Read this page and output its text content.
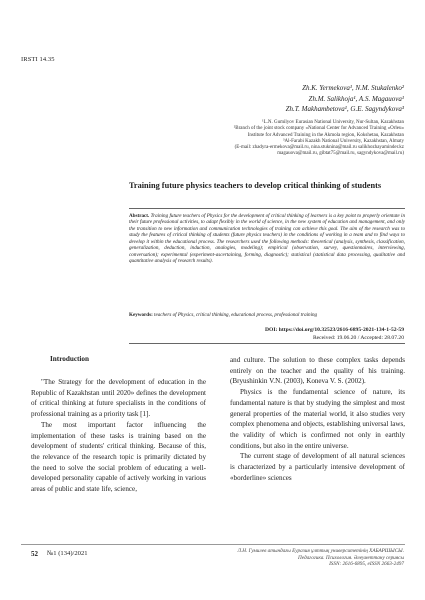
IRSTI 14.35
Zh.K. Yermekova¹, N.M. Stukalenko²
Zh.M. Salikhoja¹, A.S. Magauova¹
Zh.T. Makhambetova¹, G.E. Sagyndykova³
¹L.N. Gumilyov Eurasian National University, Nur-Sultan, Kazakhstan
²Branch of the joint stock company «National Center for Advanced Training «Orleu»
Institute for Advanced Training in the Akmola region, Kokshetau, Kazakhstan
³Al-Farabi Kazakh National University, Kazakhstan, Almaty
(E-mail: zhadyra-ermekova@mail.ru, nina.stuknina@mail.ru salikhozhayaminder.kz
magauova@mail.ru, gibtat75@mail.ru, sagyndykova@mail.ru)
Training future physics teachers to develop critical thinking of students
Abstract. Training future teachers of Physics for the development of critical thinking of learners is a key point to properly orientate in their future professional activities, to adapt flexibly in the world of science, in the new system of education and management, and only the transition to new information and communication technologies of training can achieve this goal. The aim of the research was to study the features of critical thinking of students (future physics teachers) in the conditions of working in a team and to find ways to develop it within the educational process. The researchers used the following methods: theoretical (analysis, synthesis, classification, generalization, deduction, induction, analogies, modeling); empirical (observation, survey, questionnaires, interviewing, conversation); experimental (experiment-ascertaining, forming, diagnostic); statistical (statistical data processing, qualitative and quantitative analysis of research results).
Keywords: teachers of Physics, critical thinking, educational process, professional training
DOI: https://doi.org/10.32523/2616-6895-2021-134-1-52-59
Received: 19.06.20 / Accepted: 28.07.20
Introduction

"The Strategy for the development of education in the Republic of Kazakhstan until 2020» defines the development of critical thinking at future specialists in the conditions of professional training as a priority task [1].

The most important factor influencing the implementation of these tasks is training based on the development of students' critical thinking. Because of this, the relevance of the research topic is primarily dictated by the need to solve the social problem of educating a well-developed personality capable of actively working in various areas of public and state life, science,

and culture. The solution to these complex tasks depends entirely on the teacher and the quality of his training. (Bryushinkin V.N. (2003), Koneva V. S. (2002).

Physics is the fundamental science of nature, its fundamental nature is that by studying the simplest and most general properties of the material world, it also studies very complex phenomena and objects, establishing universal laws, the validity of which is confirmed not only in earthly conditions, but also in the entire universe.

The current stage of development of all natural sciences is characterized by a particularly intensive development of «borderline» sciences

52 №1 (134)/2021	Л.Н. Гумилев атындағы Еуразия ұлттық университетінің ХАБАРШЫСЫ.
Педагогика. Психология. Әлеуметтану сериясы
ISSN: 2616-6895, eISSN 2663-2497
